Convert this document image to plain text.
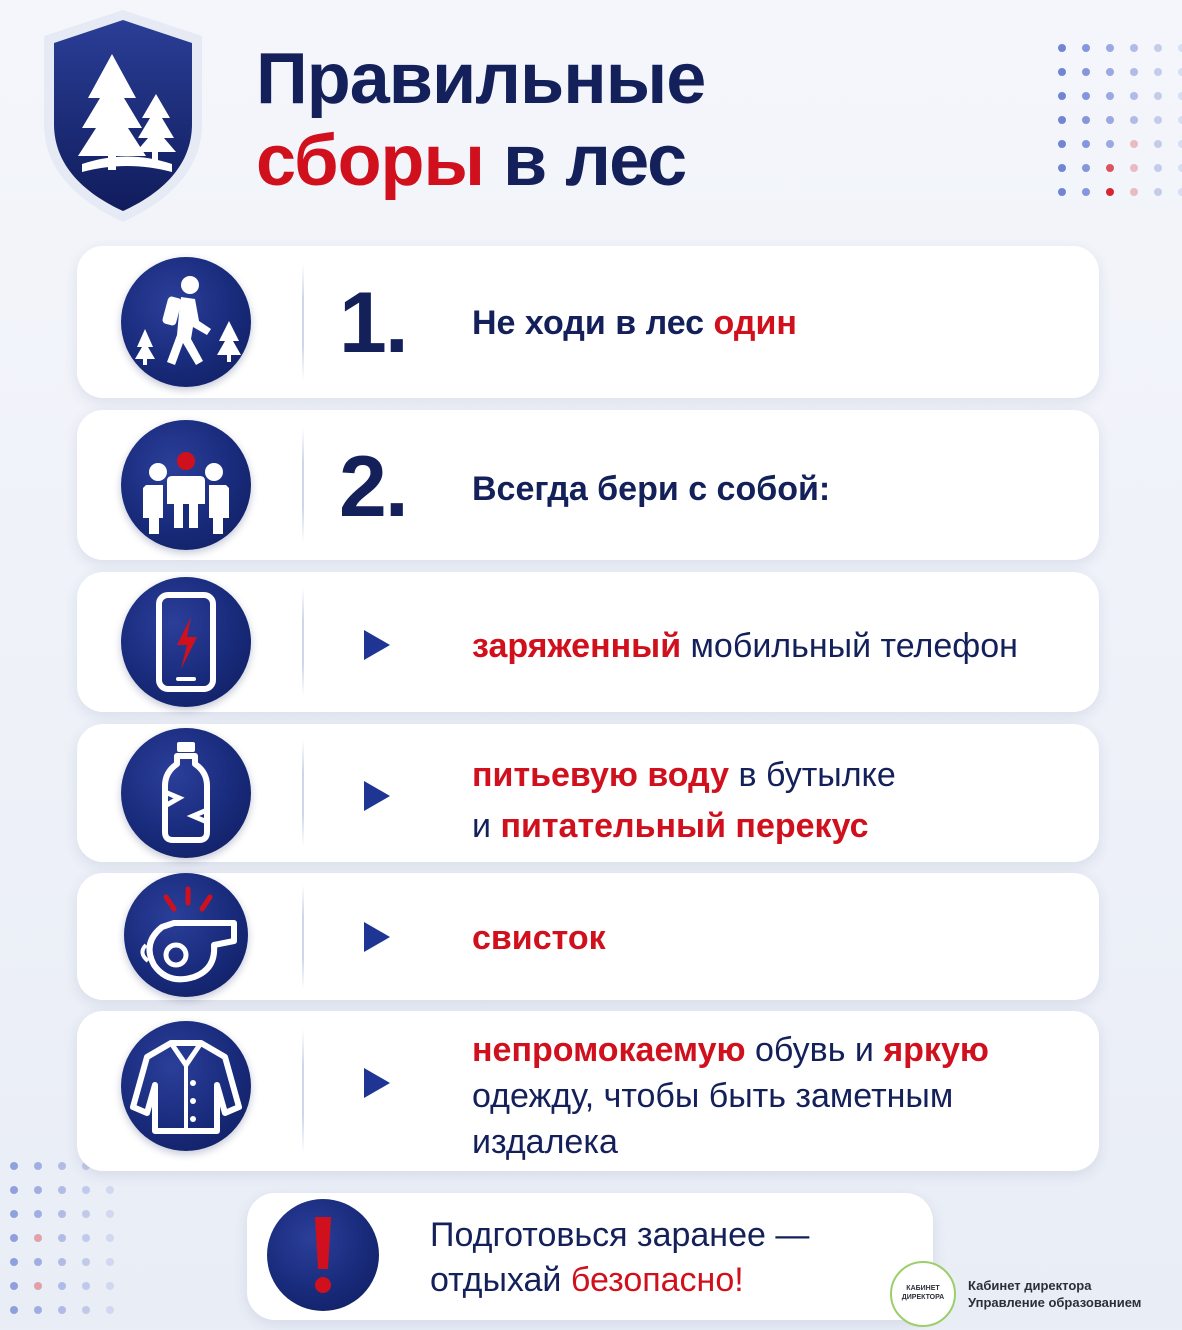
Правильные
сборы в лес
1. Не ходи в лес один
2. Всегда бери с собой:
заряженный мобильный телефон
питьевую воду в бутылке
и питательный перекус
свисток
непромокаемую обувь и яркую
одежду, чтобы быть заметным
издалека
Подготовься заранее —
отдыхай безопасно!	КАБИНЕТ
ДИРЕКТОРА
Кабинет директора
Управление образованием
